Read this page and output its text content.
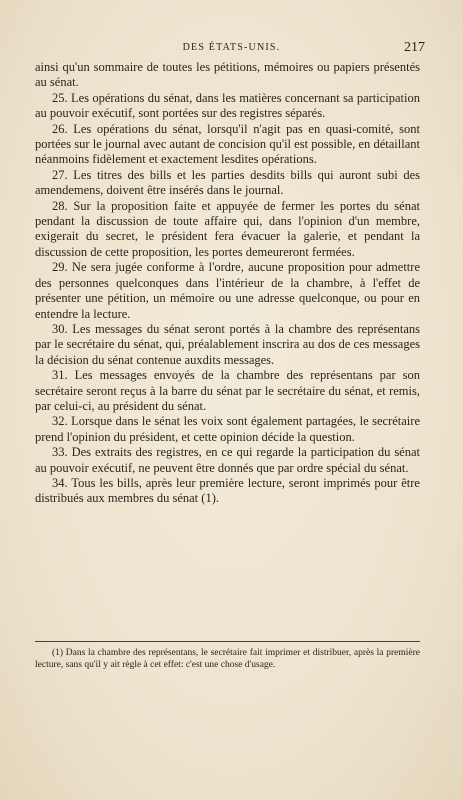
DES ÉTATS-UNIS.	217

ainsi qu'un sommaire de toutes les pétitions, mémoires ou papiers présentés au sénat.

25. Les opérations du sénat, dans les matières concernant sa participation au pouvoir exécutif, sont portées sur des registres séparés.

26. Les opérations du sénat, lorsqu'il n'agit pas en quasi-comité, sont portées sur le journal avec autant de concision qu'il est possible, en détaillant néanmoins fidèlement et exactement lesdites opérations.

27. Les titres des bills et les parties desdits bills qui auront subi des amendemens, doivent être insérés dans le journal.

28. Sur la proposition faite et appuyée de fermer les portes du sénat pendant la discussion de toute affaire qui, dans l'opinion d'un membre, exigerait du secret, le président fera évacuer la galerie, et pendant la discussion de cette proposition, les portes demeureront fermées.

29. Ne sera jugée conforme à l'ordre, aucune proposition pour admettre des personnes quelconques dans l'intérieur de la chambre, à l'effet de présenter une pétition, un mémoire ou une adresse quelconque, ou pour en entendre la lecture.

30. Les messages du sénat seront portés à la chambre des représentans par le secrétaire du sénat, qui, préalablement inscrira au dos de ces messages la décision du sénat contenue auxdits messages.

31. Les messages envoyés de la chambre des représentans par son secrétaire seront reçus à la barre du sénat par le secrétaire du sénat, et remis, par celui-ci, au président du sénat.

32. Lorsque dans le sénat les voix sont également partagées, le secrétaire prend l'opinion du président, et cette opinion décide la question.

33. Des extraits des registres, en ce qui regarde la participation du sénat au pouvoir exécutif, ne peuvent être donnés que par ordre spécial du sénat.

34. Tous les bills, après leur première lecture, seront imprimés pour être distribués aux membres du sénat (1).

(1) Dans la chambre des représentans, le secrétaire fait imprimer et distribuer, après la première lecture, sans qu'il y ait règle à cet effet: c'est une chose d'usage.
